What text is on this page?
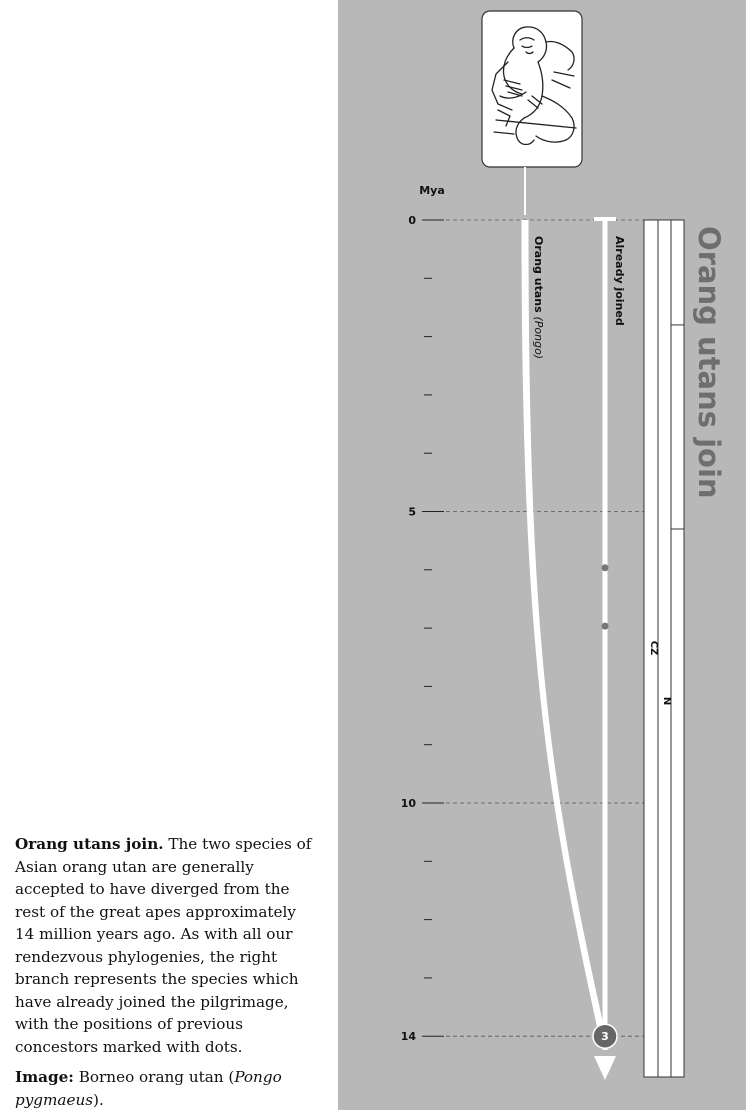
Orang utans join. The two species of Asian orang utan are generally accepted to have diverged from the rest of the great apes approximately 14 million years ago. As with all our rendezvous phylogenies, the right branch represents the species which have already joined the pilgrimage, with the positions of previous concestors marked with dots.

Image: Borneo orang utan (Pongo pygmaeus).

Mya
0
5
10
14
CZ
N
Orang utans (Pongo)
Already joined
3
Orang utans join
